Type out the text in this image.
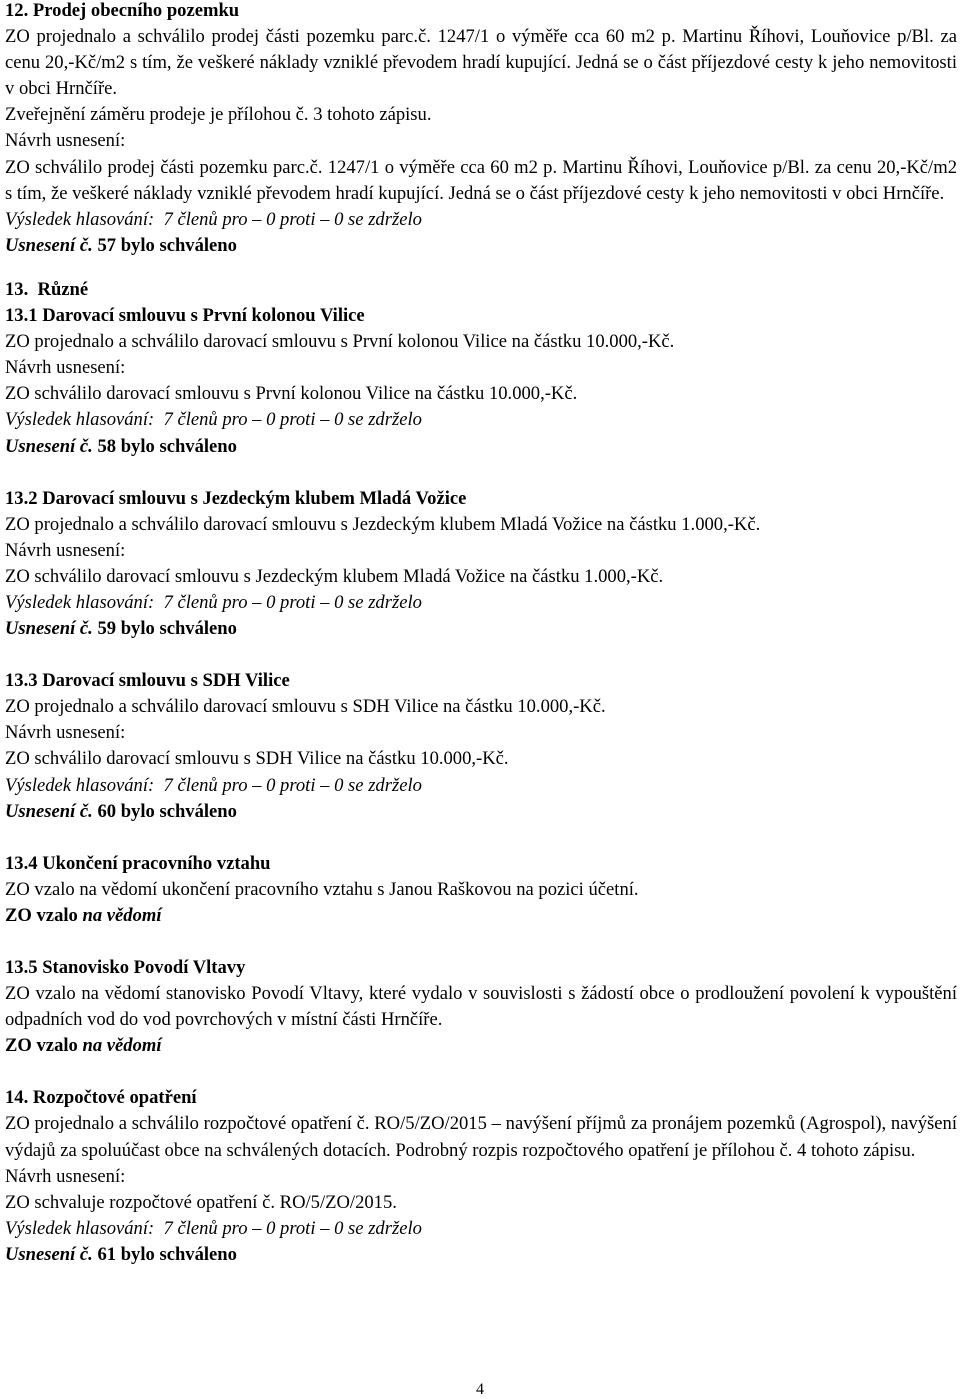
12. Prodej obecního pozemku

ZO projednalo a schválilo prodej části pozemku parc.č. 1247/1 o výměře cca 60 m2 p. Martinu Říhovi, Louňovice p/Bl. za cenu 20,-Kč/m2 s tím, že veškeré náklady vzniklé převodem hradí kupující. Jedná se o část příjezdové cesty k jeho nemovitosti v obci Hrnčíře.

Zveřejnění záměru prodeje je přílohou č. 3 tohoto zápisu.

Návrh usnesení:

ZO schválilo prodej části pozemku parc.č. 1247/1 o výměře cca 60 m2 p. Martinu Říhovi, Louňovice p/Bl. za cenu 20,-Kč/m2 s tím, že veškeré náklady vzniklé převodem hradí kupující. Jedná se o část příjezdové cesty k jeho nemovitosti v obci Hrnčíře.

Výsledek hlasování:  7 členů pro – 0 proti – 0 se zdrželo

Usnesení č. 57 bylo schváleno

13.  Různé

13.1 Darovací smlouvu s První kolonou Vilice

ZO projednalo a schválilo darovací smlouvu s První kolonou Vilice na částku 10.000,-Kč.

Návrh usnesení:

ZO schválilo darovací smlouvu s První kolonou Vilice na částku 10.000,-Kč.

Výsledek hlasování:  7 členů pro – 0 proti – 0 se zdrželo

Usnesení č. 58 bylo schváleno

13.2 Darovací smlouvu s Jezdeckým klubem Mladá Vožice

ZO projednalo a schválilo darovací smlouvu s Jezdeckým klubem Mladá Vožice na částku 1.000,-Kč.

Návrh usnesení:

ZO schválilo darovací smlouvu s Jezdeckým klubem Mladá Vožice na částku 1.000,-Kč.

Výsledek hlasování:  7 členů pro – 0 proti – 0 se zdrželo

Usnesení č. 59 bylo schváleno

13.3 Darovací smlouvu s SDH Vilice

ZO projednalo a schválilo darovací smlouvu s SDH Vilice na částku 10.000,-Kč.

Návrh usnesení:

ZO schválilo darovací smlouvu s SDH Vilice na částku 10.000,-Kč.

Výsledek hlasování:  7 členů pro – 0 proti – 0 se zdrželo

Usnesení č. 60 bylo schváleno

13.4 Ukončení pracovního vztahu

ZO vzalo na vědomí ukončení pracovního vztahu s Janou Raškovou na pozici účetní.

ZO vzalo na vědomí

13.5 Stanovisko Povodí Vltavy

ZO vzalo na vědomí stanovisko Povodí Vltavy, které vydalo v souvislosti s žádostí obce o prodloužení povolení k vypouštění odpadních vod do vod povrchových v místní části Hrnčíře.

ZO vzalo na vědomí

14. Rozpočtové opatření

ZO projednalo a schválilo rozpočtové opatření č. RO/5/ZO/2015 – navýšení příjmů za pronájem pozemků (Agrospol), navýšení výdajů za spoluúčast obce na schválených dotacích. Podrobný rozpis rozpočtového opatření je přílohou č. 4 tohoto zápisu.

Návrh usnesení:

ZO schvaluje rozpočtové opatření č. RO/5/ZO/2015.

Výsledek hlasování:  7 členů pro – 0 proti – 0 se zdrželo

Usnesení č. 61 bylo schváleno

4
